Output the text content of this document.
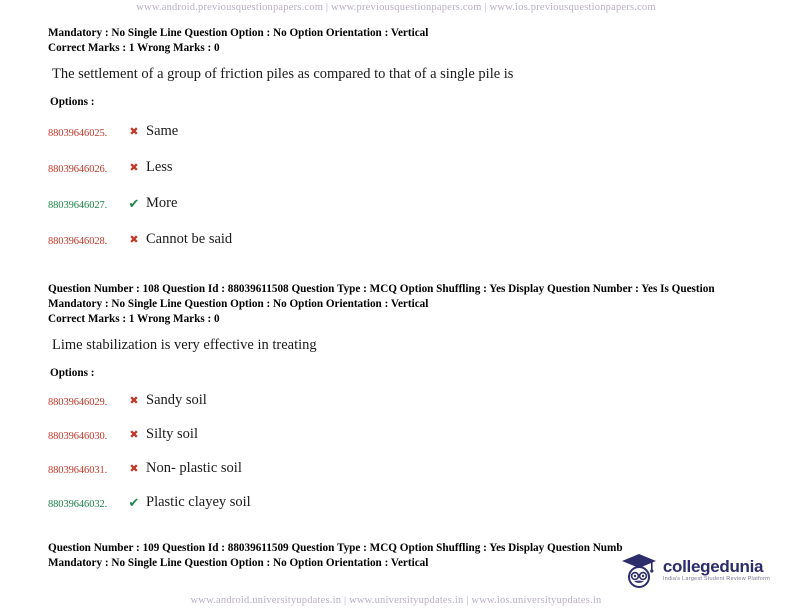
www.android.previousquestionpapers.com | www.previousquestionpapers.com | www.ios.previousquestionpapers.com
Mandatory : No Single Line Question Option : No Option Orientation : Vertical
Correct Marks : 1 Wrong Marks : 0
The settlement of a group of friction piles as compared to that of a single pile is
Options :
88039646025.	✖ Same
88039646026.	✖ Less
88039646027.	✔ More
88039646028.	✖ Cannot be said
Question Number : 108 Question Id : 88039611508 Question Type : MCQ Option Shuffling : Yes Display Question Number : Yes Is Question
Mandatory : No Single Line Question Option : No Option Orientation : Vertical
Correct Marks : 1 Wrong Marks : 0
Lime stabilization is very effective in treating
Options :
88039646029.	✖ Sandy soil
88039646030.	✖ Silty soil
88039646031.	✖ Non- plastic soil
88039646032.	✔ Plastic clayey soil
Question Number : 109 Question Id : 88039611509 Question Type : MCQ Option Shuffling : Yes Display Question Numb
Mandatory : No Single Line Question Option : No Option Orientation : Vertical	collegedunia
India's Largest Student Review Platform
www.android.universityupdates.in | www.universityupdates.in | www.ios.universityupdates.in
